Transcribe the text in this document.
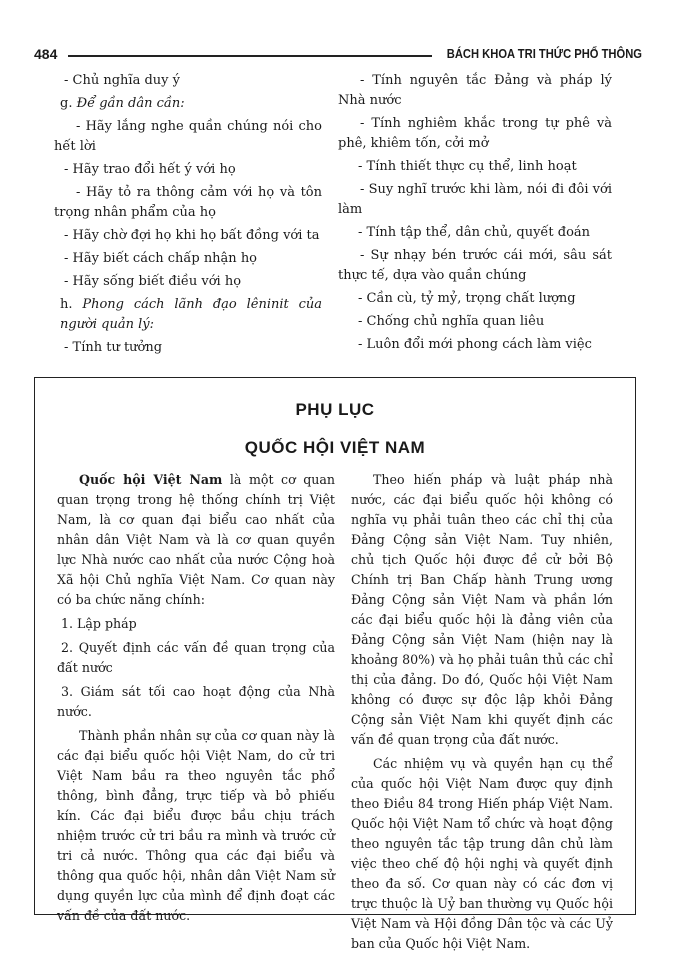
484	BÁCH KHOA TRI THỨC PHỔ THÔNG

- Chủ nghĩa duy ý

g. Để gần dân cần:

- Hãy lắng nghe quần chúng nói cho hết lời

- Hãy trao đổi hết ý với họ

- Hãy tỏ ra thông cảm với họ và tôn trọng nhân phẩm của họ

- Hãy chờ đợi họ khi họ bất đồng với ta

- Hãy biết cách chấp nhận họ

- Hãy sống biết điều với họ

h. Phong cách lãnh đạo lêninit của người quản lý:

- Tính tư tưởng

- Tính nguyên tắc Đảng và pháp lý Nhà nước

- Tính nghiêm khắc trong tự phê và phê, khiêm tốn, cởi mở

- Tính thiết thực cụ thể, linh hoạt

- Suy nghĩ trước khi làm, nói đi đôi với làm

- Tính tập thể, dân chủ, quyết đoán

- Sự nhạy bén trước cái mới, sâu sát thực tế, dựa vào quần chúng

- Cần cù, tỷ mỷ, trọng chất lượng

- Chống chủ nghĩa quan liêu

- Luôn đổi mới phong cách làm việc

PHỤ LỤC
QUỐC HỘI VIỆT NAM

Quốc hội Việt Nam là một cơ quan quan trọng trong hệ thống chính trị Việt Nam, là cơ quan đại biểu cao nhất của nhân dân Việt Nam và là cơ quan quyền lực Nhà nước cao nhất của nước Cộng hoà Xã hội Chủ nghĩa Việt Nam. Cơ quan này có ba chức năng chính:

1. Lập pháp

2. Quyết định các vấn đề quan trọng của đất nước

3. Giám sát tối cao hoạt động của Nhà nước.

Thành phần nhân sự của cơ quan này là các đại biểu quốc hội Việt Nam, do cử tri Việt Nam bầu ra theo nguyên tắc phổ thông, bình đẳng, trực tiếp và bỏ phiếu kín. Các đại biểu được bầu chịu trách nhiệm trước cử tri bầu ra mình và trước cử tri cả nước. Thông qua các đại biểu và thông qua quốc hội, nhân dân Việt Nam sử dụng quyền lực của mình để định đoạt các vấn đề của đất nước.

Theo hiến pháp và luật pháp nhà nước, các đại biểu quốc hội không có nghĩa vụ phải tuân theo các chỉ thị của Đảng Cộng sản Việt Nam. Tuy nhiên, chủ tịch Quốc hội được đề cử bởi Bộ Chính trị Ban Chấp hành Trung ương Đảng Cộng sản Việt Nam và phần lớn các đại biểu quốc hội là đảng viên của Đảng Cộng sản Việt Nam (hiện nay là khoảng 80%) và họ phải tuân thủ các chỉ thị của đảng. Do đó, Quốc hội Việt Nam không có được sự độc lập khỏi Đảng Cộng sản Việt Nam khi quyết định các vấn đề quan trọng của đất nước.

Các nhiệm vụ và quyền hạn cụ thể của quốc hội Việt Nam được quy định theo Điều 84 trong Hiến pháp Việt Nam. Quốc hội Việt Nam tổ chức và hoạt động theo nguyên tắc tập trung dân chủ làm việc theo chế độ hội nghị và quyết định theo đa số. Cơ quan này có các đơn vị trực thuộc là Uỷ ban thường vụ Quốc hội Việt Nam và Hội đồng Dân tộc và các Uỷ ban của Quốc hội Việt Nam.
